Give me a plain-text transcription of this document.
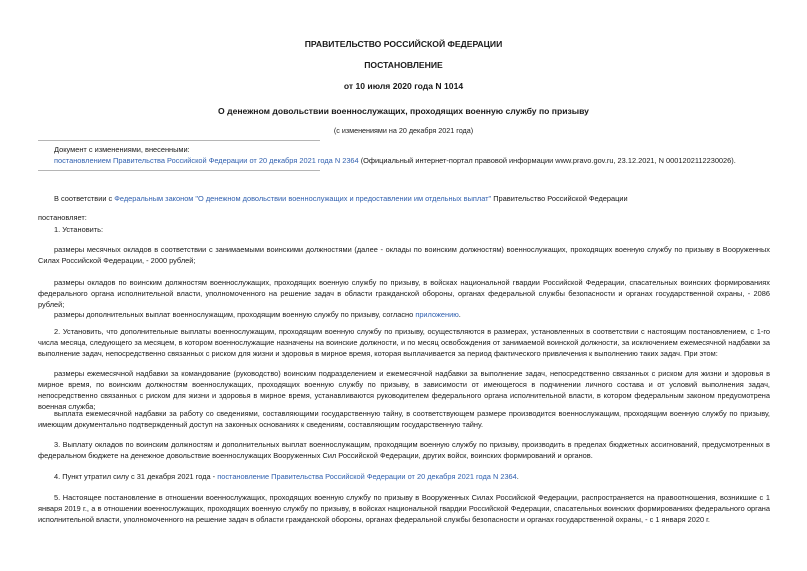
ПРАВИТЕЛЬСТВО РОССИЙСКОЙ ФЕДЕРАЦИИ
ПОСТАНОВЛЕНИЕ
от 10 июля 2020 года N 1014
О денежном довольствии военнослужащих, проходящих военную службу по призыву
(с изменениями на 20 декабря 2021 года)
Документ с изменениями, внесенными:
постановлением Правительства Российской Федерации от 20 декабря 2021 года N 2364 (Официальный интернет-портал правовой информации www.pravo.gov.ru, 23.12.2021, N 0001202112230026).
В соответствии с Федеральным законом "О денежном довольствии военнослужащих и предоставлении им отдельных выплат" Правительство Российской Федерации
постановляет:
1. Установить:
размеры месячных окладов в соответствии с занимаемыми воинскими должностями (далее - оклады по воинским должностям) военнослужащих, проходящих военную службу по призыву в Вооруженных Силах Российской Федерации, - 2000 рублей;
размеры окладов по воинским должностям военнослужащих, проходящих военную службу по призыву, в войсках национальной гвардии Российской Федерации, спасательных воинских формированиях федерального органа исполнительной власти, уполномоченного на решение задач в области гражданской обороны, органах федеральной службы безопасности и органах государственной охраны, - 2086 рублей;
размеры дополнительных выплат военнослужащим, проходящим военную службу по призыву, согласно приложению.
2. Установить, что дополнительные выплаты военнослужащим, проходящим военную службу по призыву, осуществляются в размерах, установленных в соответствии с настоящим постановлением, с 1-го числа месяца, следующего за месяцем, в котором военнослужащие назначены на воинские должности, и по месяц освобождения от занимаемой воинской должности, за исключением ежемесячной надбавки за выполнение задач, непосредственно связанных с риском для жизни и здоровья в мирное время, которая выплачивается за период фактического привлечения к выполнению таких задач. При этом:
размеры ежемесячной надбавки за командование (руководство) воинским подразделением и ежемесячной надбавки за выполнение задач, непосредственно связанных с риском для жизни и здоровья в мирное время, по воинским должностям военнослужащих, проходящих военную службу по призыву, в зависимости от имеющегося в подчинении личного состава и от условий выполнения задач, непосредственно связанных с риском для жизни и здоровья в мирное время, устанавливаются руководителем федерального органа исполнительной власти, в котором федеральным законом предусмотрена военная служба;
выплата ежемесячной надбавки за работу со сведениями, составляющими государственную тайну, в соответствующем размере производится военнослужащим, проходящим военную службу по призыву, имеющим документально подтвержденный доступ на законных основаниях к сведениям, составляющим государственную тайну.
3. Выплату окладов по воинским должностям и дополнительных выплат военнослужащим, проходящим военную службу по призыву, производить в пределах бюджетных ассигнований, предусмотренных в федеральном бюджете на денежное довольствие военнослужащих Вооруженных Сил Российской Федерации, других войск, воинских формирований и органов.
4. Пункт утратил силу с 31 декабря 2021 года - постановление Правительства Российской Федерации от 20 декабря 2021 года N 2364.
5. Настоящее постановление в отношении военнослужащих, проходящих военную службу по призыву в Вооруженных Силах Российской Федерации, распространяется на правоотношения, возникшие с 1 января 2019 г., а в отношении военнослужащих, проходящих военную службу по призыву, в войсках национальной гвардии Российской Федерации, спасательных воинских формированиях федерального органа исполнительной власти, уполномоченного на решение задач в области гражданской обороны, органах федеральной службы безопасности и органах государственной охраны, - с 1 января 2020 г.
